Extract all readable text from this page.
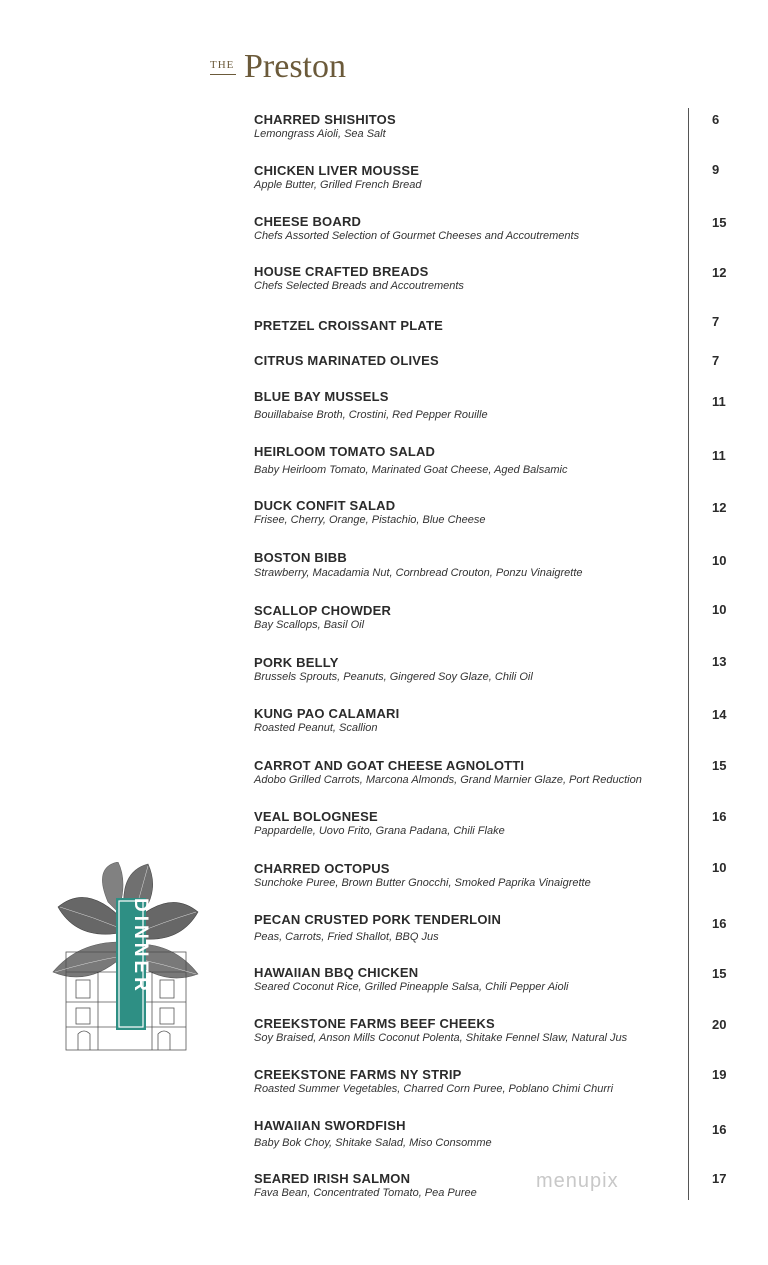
THE Preston
CHARRED SHISHITOS
Lemongrass Aioli, Sea Salt
6
CHICKEN LIVER MOUSSE
Apple Butter, Grilled French Bread
9
CHEESE BOARD
Chefs Assorted Selection of Gourmet Cheeses and Accoutrements
15
HOUSE CRAFTED BREADS
Chefs Selected Breads and Accoutrements
12
PRETZEL CROISSANT PLATE	7
CITRUS MARINATED OLIVES	7
BLUE BAY MUSSELS
Bouillabaise Broth, Crostini, Red Pepper Rouille
11
HEIRLOOM TOMATO SALAD
Baby Heirloom Tomato, Marinated Goat Cheese, Aged Balsamic
11
DUCK CONFIT SALAD
Frisee, Cherry, Orange, Pistachio, Blue Cheese
12
BOSTON BIBB
Strawberry, Macadamia Nut, Cornbread Crouton, Ponzu Vinaigrette
10
SCALLOP CHOWDER
Bay Scallops, Basil Oil
10
PORK BELLY
Brussels Sprouts, Peanuts, Gingered Soy Glaze, Chili Oil
13
KUNG PAO CALAMARI
Roasted Peanut, Scallion
14
CARROT AND GOAT CHEESE AGNOLOTTI
Adobo Grilled Carrots, Marcona Almonds, Grand Marnier Glaze, Port Reduction
15
VEAL BOLOGNESE
Pappardelle, Uovo Frito, Grana Padana, Chili Flake
16
CHARRED OCTOPUS
Sunchoke Puree, Brown Butter Gnocchi, Smoked Paprika Vinaigrette
10
PECAN CRUSTED PORK TENDERLOIN
Peas, Carrots, Fried Shallot, BBQ Jus
16
HAWAIIAN BBQ CHICKEN
Seared Coconut Rice, Grilled Pineapple Salsa, Chili Pepper Aioli
15
CREEKSTONE FARMS BEEF CHEEKS
Soy Braised, Anson Mills Coconut Polenta, Shitake Fennel Slaw, Natural Jus
20
CREEKSTONE FARMS NY STRIP
Roasted Summer Vegetables, Charred Corn Puree, Poblano Chimi Churri
19
HAWAIIAN SWORDFISH
Baby Bok Choy, Shitake Salad, Miso Consomme
16
SEARED IRISH SALMON
Fava Bean, Concentrated Tomato, Pea Puree
17
DINNER
menupix
